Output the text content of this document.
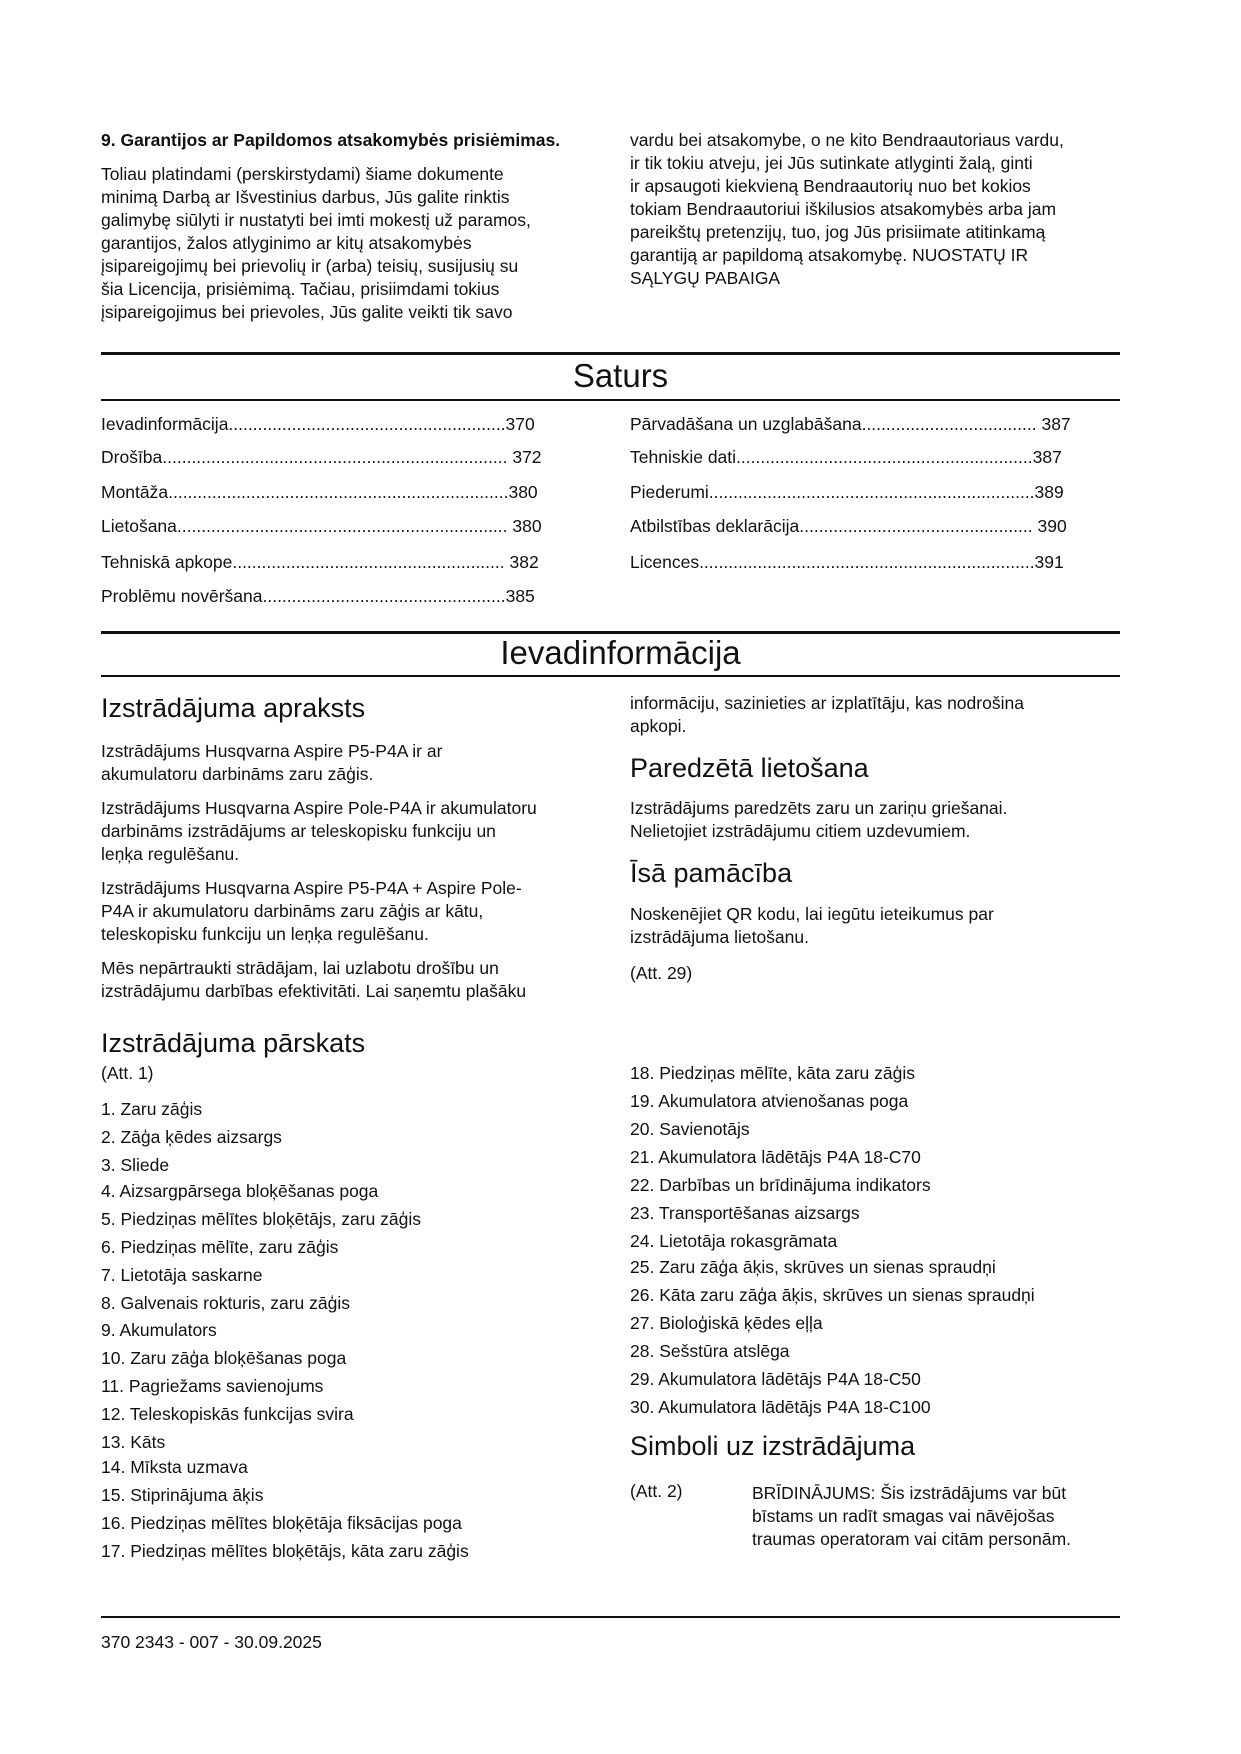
9. Garantijos ar Papildomos atsakomybės prisiėmimas.
Toliau platindami (perskirstydami) šiame dokumente
minimą Darbą ar Išvestinius darbus, Jūs galite rinktis
galimybę siūlyti ir nustatyti bei imti mokestį už paramos,
garantijos, žalos atlyginimo ar kitų atsakomybės
įsipareigojimų bei prievolių ir (arba) teisių, susijusių su
šia Licencija, prisiėmimą. Tačiau, prisiimdami tokius
įsipareigojimus bei prievoles, Jūs galite veikti tik savo
vardu bei atsakomybe, o ne kito Bendraautoriaus vardu,
ir tik tokiu atveju, jei Jūs sutinkate atlyginti žalą, ginti
ir apsaugoti kiekvieną Bendraautorių nuo bet kokios
tokiam Bendraautoriui iškilusios atsakomybės arba jam
pareikštų pretenzijų, tuo, jog Jūs prisiimate atitinkamą
garantiją ar papildomą atsakomybę. NUOSTATŲ IR
SĄLYGŲ PABAIGA
Saturs
Ievadinformācija.........................................................370
Drošība....................................................................... 372
Montāža......................................................................380
Lietošana.................................................................... 380
Tehniskā apkope........................................................ 382
Problēmu novēršana..................................................385
Pārvadāšana un uzglabāšana.................................... 387
Tehniskie dati.............................................................387
Piederumi...................................................................389
Atbilstības deklarācija................................................ 390
Licences.....................................................................391
Ievadinformācija
Izstrādājuma apraksts
Izstrādājums Husqvarna Aspire P5-P4A ir ar
akumulatoru darbināms zaru zāģis.
Izstrādājums Husqvarna Aspire Pole-P4A ir akumulatoru
darbināms izstrādājums ar teleskopisku funkciju un
leņķa regulēšanu.
Izstrādājums Husqvarna Aspire P5-P4A + Aspire Pole-
P4A ir akumulatoru darbināms zaru zāģis ar kātu,
teleskopisku funkciju un leņķa regulēšanu.
Mēs nepārtraukti strādājam, lai uzlabotu drošību un
izstrādājumu darbības efektivitāti. Lai saņemtu plašāku
informāciju, sazinieties ar izplatītāju, kas nodrošina
apkopi.
Paredzētā lietošana
Izstrādājums paredzēts zaru un zariņu griešanai.
Nelietojiet izstrādājumu citiem uzdevumiem.
Īsā pamācība
Noskenējiet QR kodu, lai iegūtu ieteikumus par
izstrādājuma lietošanu.
(Att. 29)
Izstrādājuma pārskats
(Att. 1)
1. Zaru zāģis
2. Zāģa ķēdes aizsargs
3. Sliede
4. Aizsargpārsega bloķēšanas poga
5. Piedziņas mēlītes bloķētājs, zaru zāģis
6. Piedziņas mēlīte, zaru zāģis
7. Lietotāja saskarne
8. Galvenais rokturis, zaru zāģis
9. Akumulators
10. Zaru zāģa bloķēšanas poga
11. Pagriežams savienojums
12. Teleskopiskās funkcijas svira
13. Kāts
14. Mīksta uzmava
15. Stiprinājuma āķis
16. Piedziņas mēlītes bloķētāja fiksācijas poga
17. Piedziņas mēlītes bloķētājs, kāta zaru zāģis
18. Piedziņas mēlīte, kāta zaru zāģis
19. Akumulatora atvienošanas poga
20. Savienotājs
21. Akumulatora lādētājs P4A 18-C70
22. Darbības un brīdinājuma indikators
23. Transportēšanas aizsargs
24. Lietotāja rokasgrāmata
25. Zaru zāģa āķis, skrūves un sienas spraudņi
26. Kāta zaru zāģa āķis, skrūves un sienas spraudņi
27. Bioloģiskā ķēdes eļļa
28. Sešstūra atslēga
29. Akumulatora lādētājs P4A 18-C50
30. Akumulatora lādētājs P4A 18-C100
Simboli uz izstrādājuma
(Att. 2)	BRĪDINĀJUMS: Šis izstrādājums var būt
bīstams un radīt smagas vai nāvējošas
traumas operatoram vai citām personām.
370 2343 - 007 - 30.09.2025
